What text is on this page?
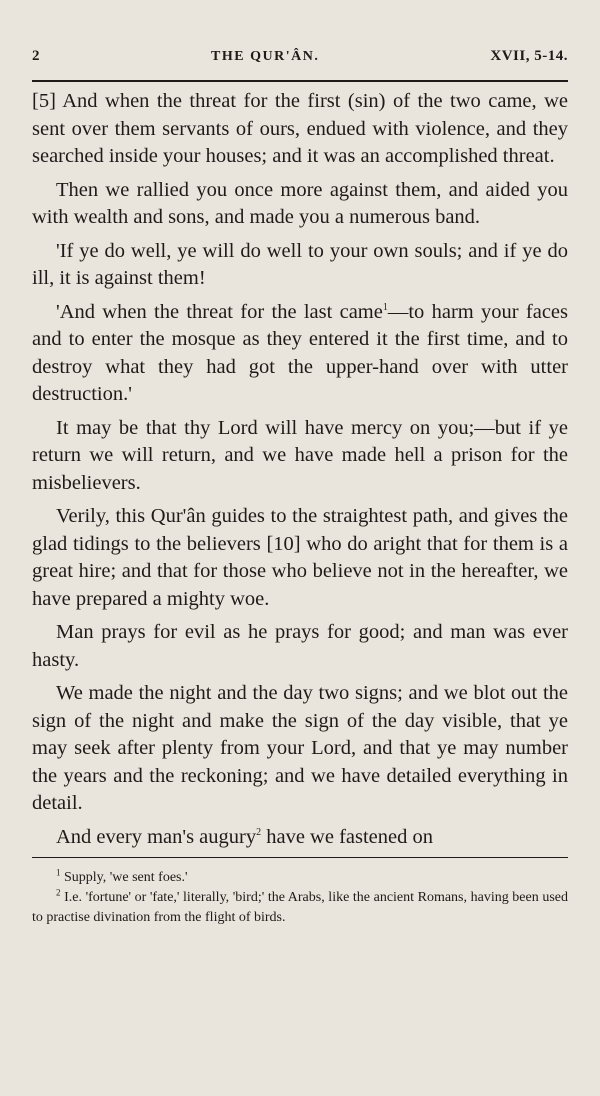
2	THE QUR'ÂN.	XVII, 5-14.

[5] And when the threat for the first (sin) of the two came, we sent over them servants of ours, endued with violence, and they searched inside your houses; and it was an accomplished threat.

Then we rallied you once more against them, and aided you with wealth and sons, and made you a numerous band.

'If ye do well, ye will do well to your own souls; and if ye do ill, it is against them!

'And when the threat for the last came$^1$—to harm your faces and to enter the mosque as they entered it the first time, and to destroy what they had got the upper-hand over with utter destruction.'

It may be that thy Lord will have mercy on you;—but if ye return we will return, and we have made hell a prison for the misbelievers.

Verily, this Qur'ân guides to the straightest path, and gives the glad tidings to the believers [10] who do aright that for them is a great hire; and that for those who believe not in the hereafter, we have prepared a mighty woe.

Man prays for evil as he prays for good; and man was ever hasty.

We made the night and the day two signs; and we blot out the sign of the night and make the sign of the day visible, that ye may seek after plenty from your Lord, and that ye may number the years and the reckoning; and we have detailed everything in detail.

And every man's augury$^2$ have we fastened on

$^1$ Supply, 'we sent foes.'

$^2$ I.e. 'fortune' or 'fate,' literally, 'bird;' the Arabs, like the ancient Romans, having been used to practise divination from the flight of birds.
